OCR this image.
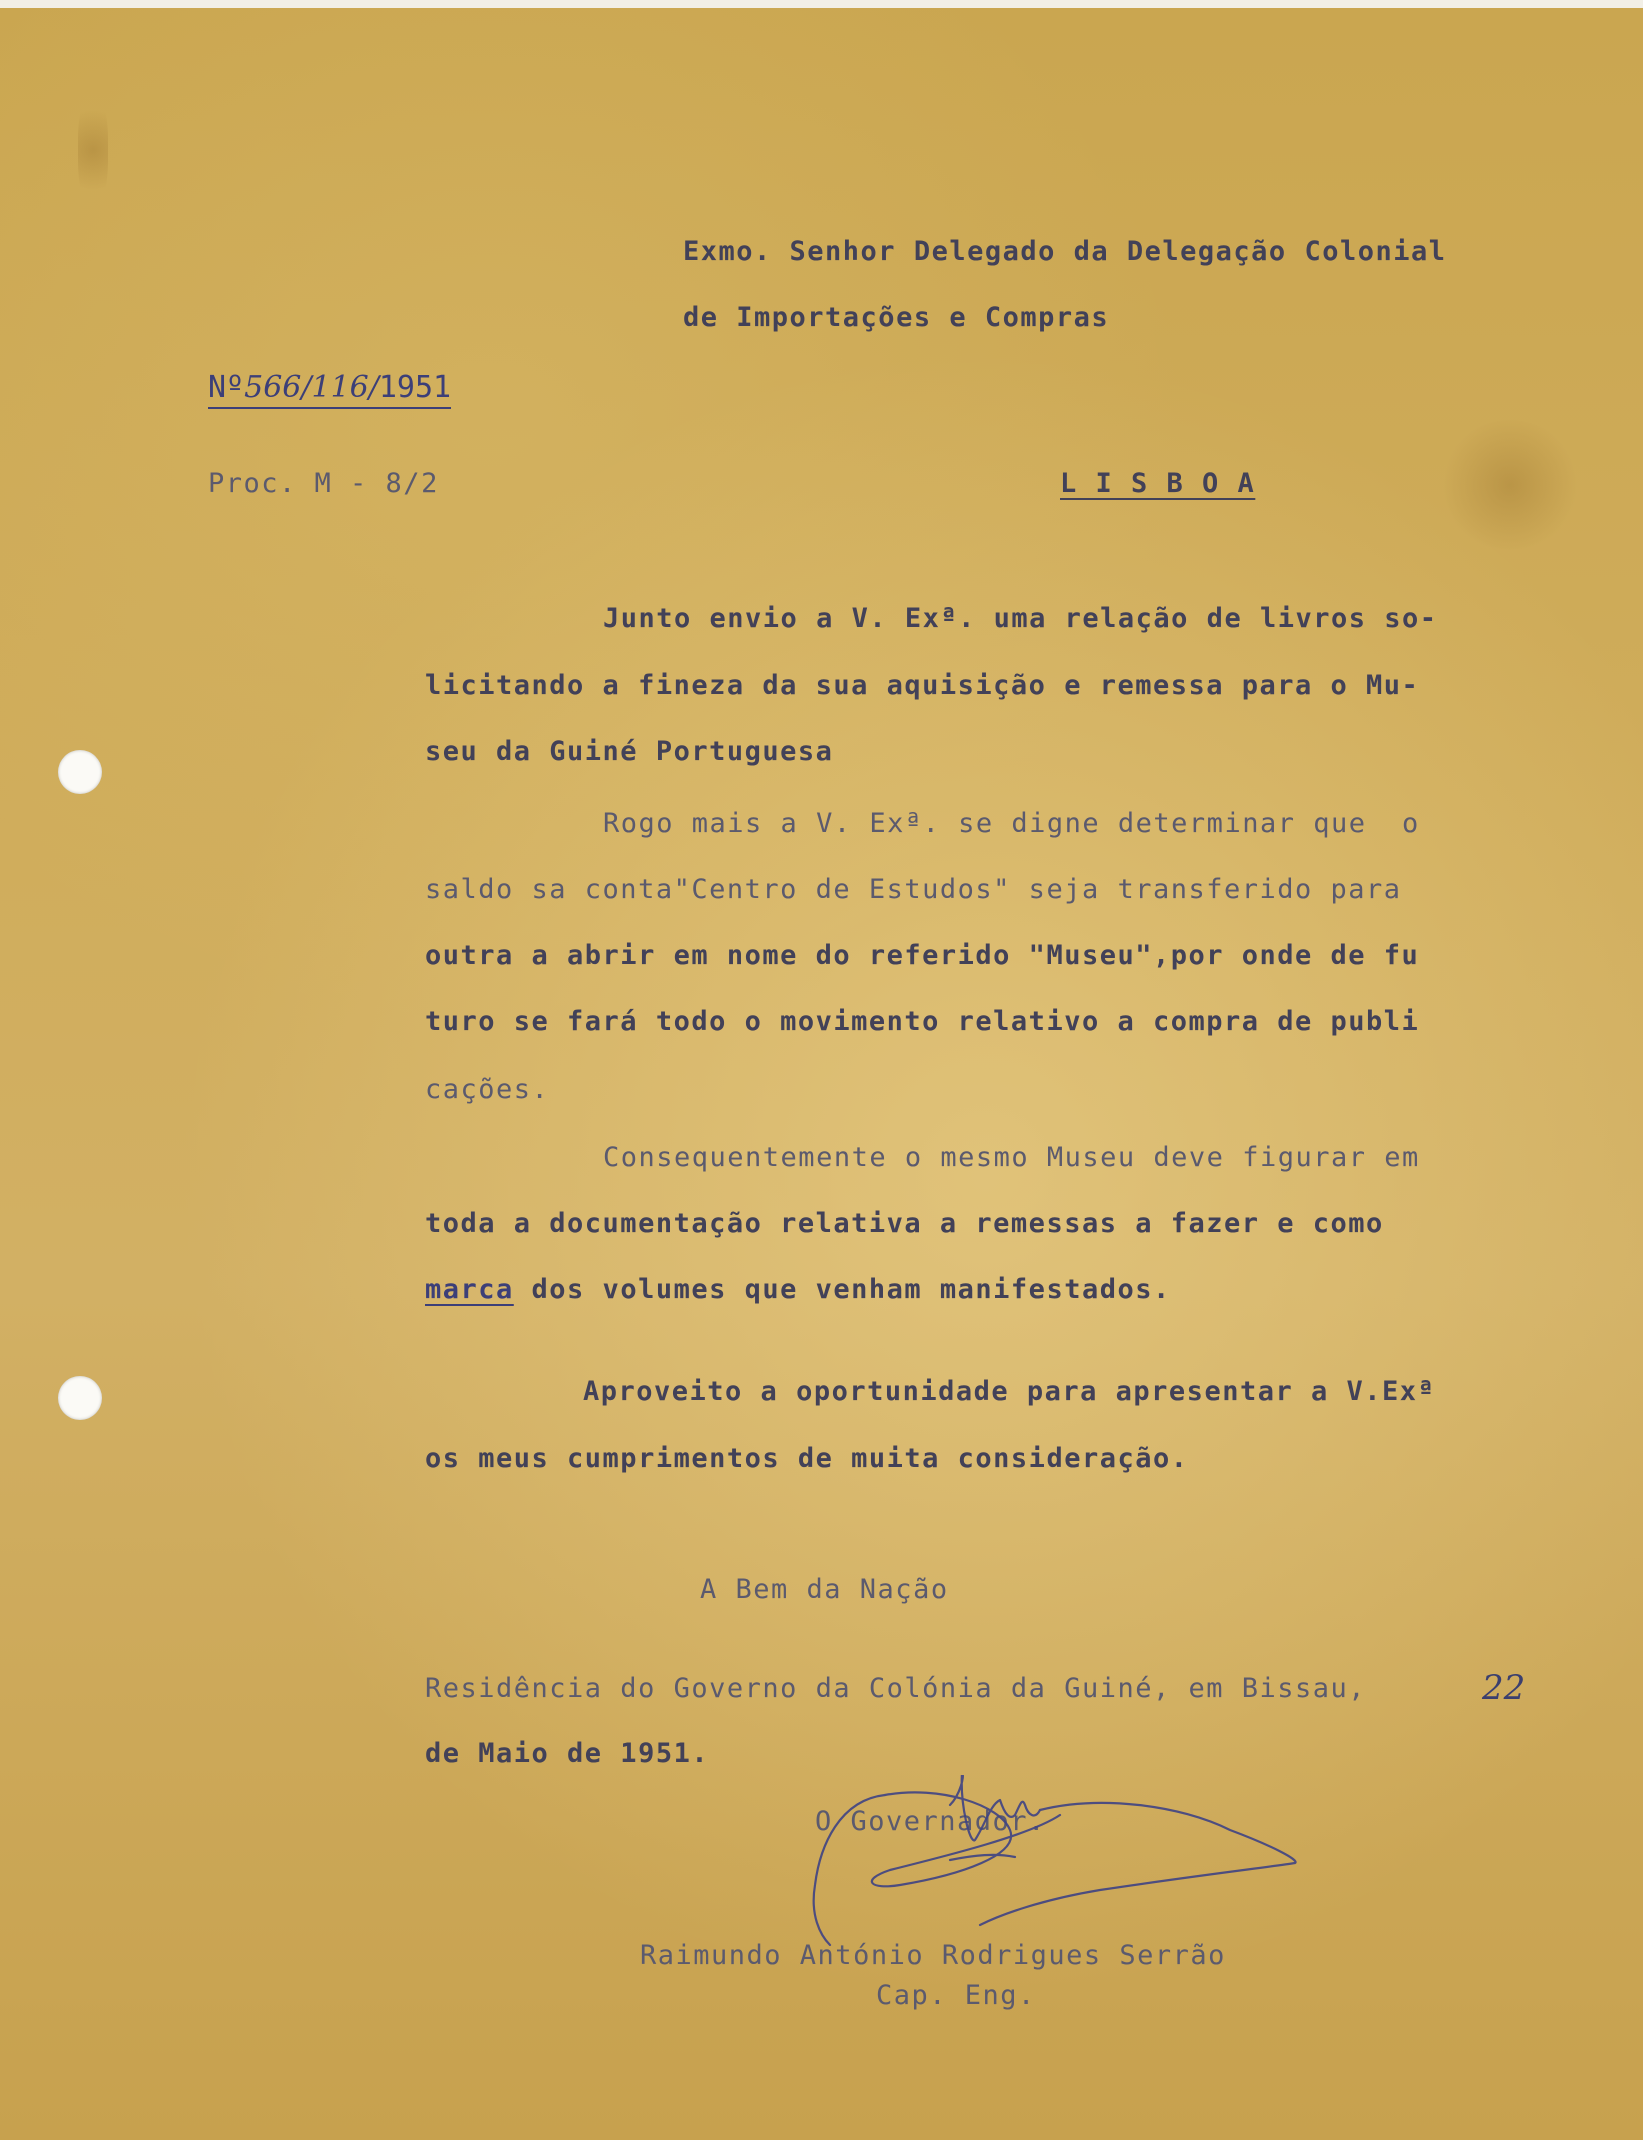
Exmo. Senhor Delegado da Delegação Colonial
de Importações e Compras
Nº566/116/1951
Proc. M - 8/2	L I S B O A
Junto envio a V. Exª. uma relação de livros so-
licitando a fineza da sua aquisição e remessa para o Mu-
seu da Guiné Portuguesa
Rogo mais a V. Exª. se digne determinar que  o
saldo sa conta"Centro de Estudos" seja transferido para
outra a abrir em nome do referido "Museu",por onde de fu
turo se fará todo o movimento relativo a compra de publi
cações.
Consequentemente o mesmo Museu deve figurar em
toda a documentação relativa a remessas a fazer e como
marca dos volumes que venham manifestados.
Aproveito a oportunidade para apresentar a V.Exª
os meus cumprimentos de muita consideração.
A Bem da Nação
Residência do Governo da Colónia da Guiné, em Bissau,	22
de Maio de 1951.
O Governador.
Raimundo António Rodrigues Serrão
Cap. Eng.
